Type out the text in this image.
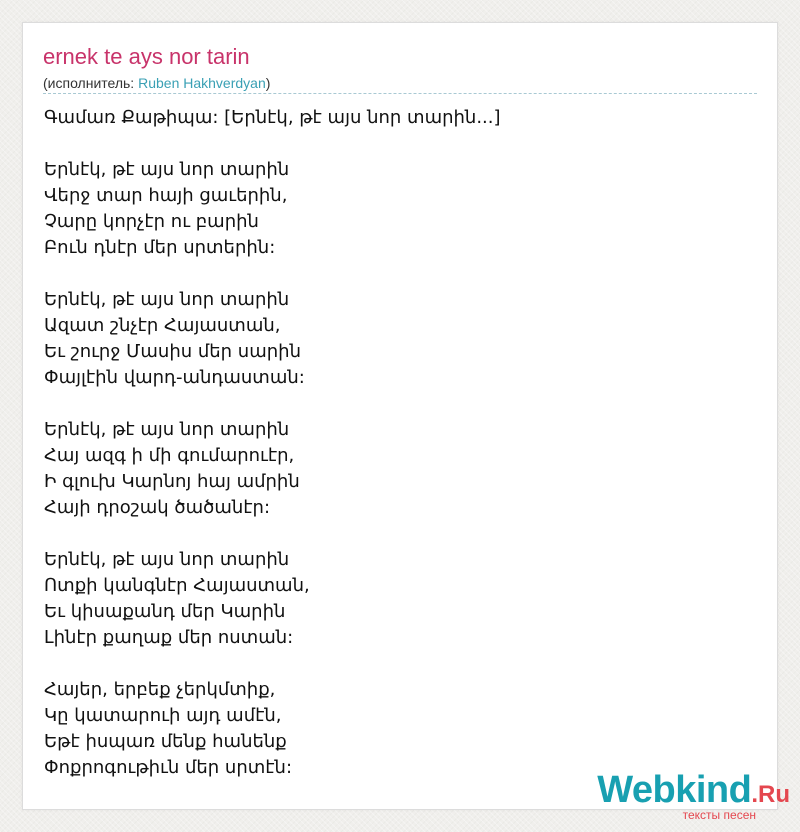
ernek te ays nor tarin
(исполнитель: Ruben Hakhverdyan)
Գամառ Քաթիպա: [Երնէկ, թէ այս նոր տարին...]
Երնէկ, թէ այս նոր տարին
Վերջ տար հայի ցաւերին,
Չարը կորչէր ու բարին
Բուն դնէր մեր սրտերին:
Երնէկ, թէ այս նոր տարին
Ազատ շնչէր Հայաստան,
Եւ շուրջ Մասիս մեր սարին
Փայլէին վարդ-անդաստան:
Երնէկ, թէ այս նոր տարին
Հայ ազգ ի մի գումարուէր,
Ի գլուխ Կարնոյ հայ ամրին
Հայի դրօշակ ծածանէր:
Երնէկ, թէ այս նոր տարին
Ոտքի կանգնէր Հայաստան,
Եւ կիսաքանդ մեր Կարին
Լինէր քաղաք մեր ոստան:
Հայեր, երբեք չերկմտիք,
Կը կատարուի այդ ամէն,
Եթէ իսպառ մենք հանենք
Փոքրոգութիւն մեր սրտէն:
Webkind.Ru
тексты песен
